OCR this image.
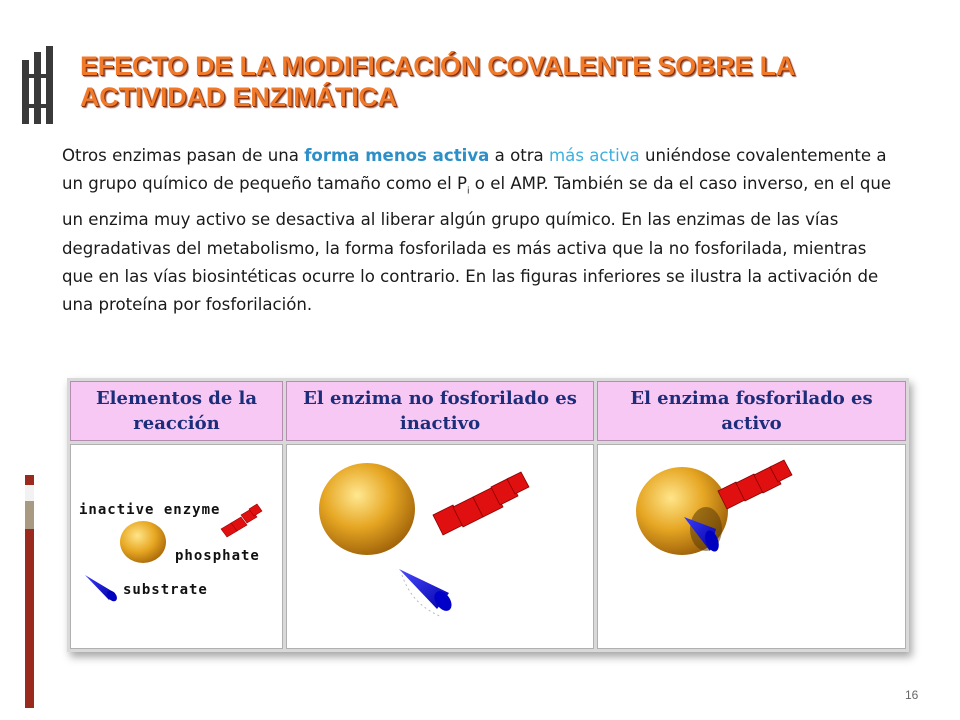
EFECTO DE LA MODIFICACIÓN COVALENTE SOBRE LA
ACTIVIDAD ENZIMÁTICA

Otros enzimas pasan de una forma menos activa a otra más activa uniéndose covalentemente a un grupo químico de pequeño tamaño como el $P_i$ o el AMP. También se da el caso inverso, en el que un enzima muy activo se desactiva al liberar algún grupo químico. En las enzimas de las vías degradativas del metabolismo, la forma fosforilada es más activa que la no fosforilada, mientras que en las vías biosintéticas ocurre lo contrario. En las figuras inferiores se ilustra la activación de una proteína por fosforilación.

Elementos de la reacción
El enzima no fosforilado es inactivo
El enzima fosforilado es activo
inactive enzyme
phosphate
substrate
16
